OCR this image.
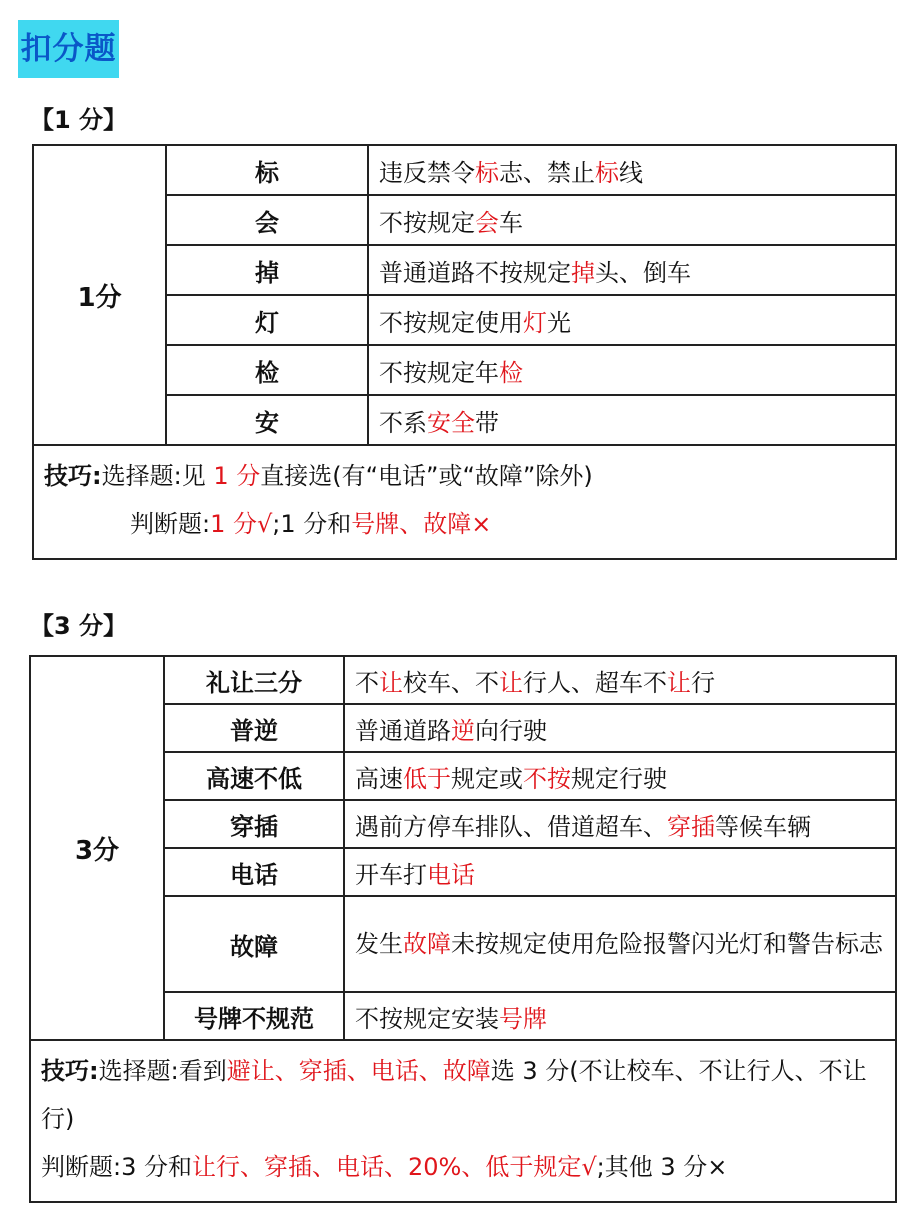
扣分题
【1 分】
1分	标	违反禁令标志、禁止标线
	会	不按规定会车
	掉	普通道路不按规定掉头、倒车
	灯	不按规定使用灯光
	检	不按规定年检
	安	不系安全带

技巧:选择题:见 1 分直接选(有“电话”或“故障”除外)
判断题:1 分√;1 分和号牌、故障×		
【3 分】
3分	礼让三分	不让校车、不让行人、超车不让行
	普逆	普通道路逆向行驶
	高速不低	高速低于规定或不按规定行驶
	穿插	遇前方停车排队、借道超车、穿插等候车辆
	电话	开车打电话
	故障	发生故障未按规定使用危险报警闪光灯和警告标志
	号牌不规范	不按规定安装号牌

技巧:选择题:看到避让、穿插、电话、故障选 3 分(不让校车、不让行人、不让行)
判断题:3 分和让行、穿插、电话、20%、低于规定√;其他 3 分×		
